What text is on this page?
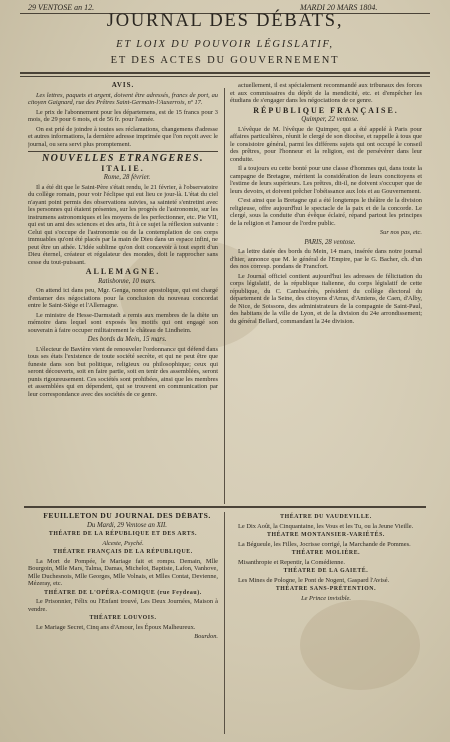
29 VENTOSE an 12.	MARDI 20 MARS 1804.
JOURNAL DES DÉBATS,
ET LOIX DU POUVOIR LÉGISLATIF,
ET DES ACTES DU GOUVERNEMENT

AVIS.

Les lettres, paquets et argent, doivent être adressés, francs de port, au citoyen Gaignard, rue des Prêtres Saint-Germain-l'Auxerrois, nº 17.

Le prix de l'abonnement pour les départemens, est de 15 francs pour 3 mois, de 29 pour 6 mois, et de 56 fr. pour l'année.

On est prié de joindre à toutes ses réclamations, changemens d'adresse et autres informations, la dernière adresse imprimée que l'on reçoit avec le journal, ou sera servi plus promptement.

NOUVELLES ETRANGERES.

ITALIE.

Rome, 28 février.

Il a été dit que le Saint-Père s'était rendu, le 21 février, à l'observatoire du collège romain, pour voir l'éclipse qui eut lieu ce jour-là. L'état du ciel n'ayant point permis des observations suivies, sa sainteté s'entretint avec les personnes qui étaient présentes, sur les progrès de l'astronomie, sur les instrumens astronomiques et les moyens de les perfectionner, etc. Pie VII, qui est un ami des sciences et des arts, fit à ce sujet la réflexion suivante : Celui qui s'occupe de l'astronomie ou de la contemplation de ces corps immuables qu'ont été placés par la main de Dieu dans un espace infini, ne peut être un athée. L'idée sublime qu'on doit concevoir à tout esprit d'un Dieu éternel, créateur et régulateur des mondes, doit le rapprocher sans cesse du tout-puissant.

ALLEMAGNE.

Ratisbonne, 10 mars.

On attend ici dans peu, Mgr. Genga, nonce apostolique, qui est chargé d'entamer des négociations pour la conclusion du nouveau concordat entre le Saint-Siège et l'Allemagne.

Le ministre de Hesse-Darmstadt a remis aux membres de la diète un mémoire dans lequel sont exposés les motifs qui ont engagé son souverain à faire occuper militairement le château de Lindheim.

Des bords du Mein, 15 mars.

L'électeur de Bavière vient de renouveler l'ordonnance qui défend dans tous ses états l'existence de toute société secrète, et qui ne peut être que funeste dans son but politique, religieux ou philosophique; ceux qui seront découverts, soit en faire partie, soit en tenir des assemblées, seront punis rigoureusement. Ces sociétés sont prohibées, ainsi que les membres et assemblées qui en dépendent, qui se trouvent en communication par leur correspondance avec des sociétés de ce genre.

actuellement, il est spécialement recommandé aux tribunaux des forces et aux commissaires du dépôt de la mendicité, etc. et d'empêcher les étudians de s'engager dans les négociations de ce genre.

RÉPUBLIQUE FRANÇAISE.

Quimper, 22 ventose.

L'évêque de M. l'évêque de Quimper, qui a été appelé à Paris pour affaires particulières, réunit le clergé de son diocèse, et rappelle à tous que le consistoire général, parmi les différens sujets qui ont occupé le conseil des prêtres, pour l'honneur et la religion, est de persévérer dans leur conduite.

Il a toujours eu cette bonté pour une classe d'hommes qui, dans toute la campagne de Bretagne, méritent la considération de leurs concitoyens et l'estime de leurs supérieurs. Les prêtres, dit-il, ne doivent s'occuper que de leurs devoirs, et doivent prêcher l'obéissance aux lois et au Gouvernement.

C'est ainsi que la Bretagne qui a été longtemps le théâtre de la division religieuse, offre aujourd'hui le spectacle de la paix et de la concorde. Le clergé, sous la conduite d'un évêque éclairé, répand partout les principes de la religion et l'amour de l'ordre public.

Sur nos pas, etc.

PARIS, 28 ventose.

La lettre datée des bords du Mein, 14 mars, insérée dans notre journal d'hier, annonce que M. le général de l'Empire, par le G. Bacher, ch. d'un des nos corresp. pondans de Francfort.

Le Journal officiel contient aujourd'hui les adresses de félicitation du corps législatif, de la république italienne, du corps législatif de cette république, du C. Cambacérès, président du collège électoral du département de la Seine, des citoyens d'Arras, d'Amiens, de Caen, d'Alby, de Nice, de Soissons, des administrateurs de la compagnie de Saint-Paul, des habitans de la ville de Lyon, et de la division du 24e arrondissement; du général Bellard, commandant la 24e division.

FEUILLETON DU JOURNAL DES DÉBATS.

Du Mardi, 29 Ventose an XII.

THÉATRE DE LA RÉPUBLIQUE ET DES ARTS.

Alceste, Psyché.

THÉATRE FRANÇAIS DE LA RÉPUBLIQUE.

La Mort de Pompée, le Mariage fait et rompu. Demain, Mlle Bourgoin, Mlle Mars, Talma, Damas, Michelot, Baptiste, Lafon, Vanhove, Mlle Duchesnois, Mlle Georges, Mlle Volnais, et Mlles Contat, Devienne, Mézeray, etc.

THÉATRE DE L'OPÉRA-COMIQUE (rue Feydeau).

Le Prisonnier, Félix ou l'Enfant trouvé, Les Deux Journées, Maison à vendre.

THÉATRE LOUVOIS.

Le Mariage Secret, Cinq ans d'Amour, les Époux Malheureux.

Bourdon.

THÉATRE DU VAUDEVILLE.

Le Dix Août, la Cinquantaine, les Vous et les Tu, ou la Jeune Vieille.

THÉATRE MONTANSIER-VARIÉTÉS.

La Bégueule, les Filles, Jocrisse corrigé, la Marchande de Pommes.

THÉATRE MOLIÈRE.

Misanthropie et Repentir, la Comédienne.

THÉATRE DE LA GAIETÉ.

Les Mines de Pologne, le Pont de Nogent, Gaspard l'Avisé.

THÉATRE SANS-PRÉTENTION.

Le Prince invisible.
